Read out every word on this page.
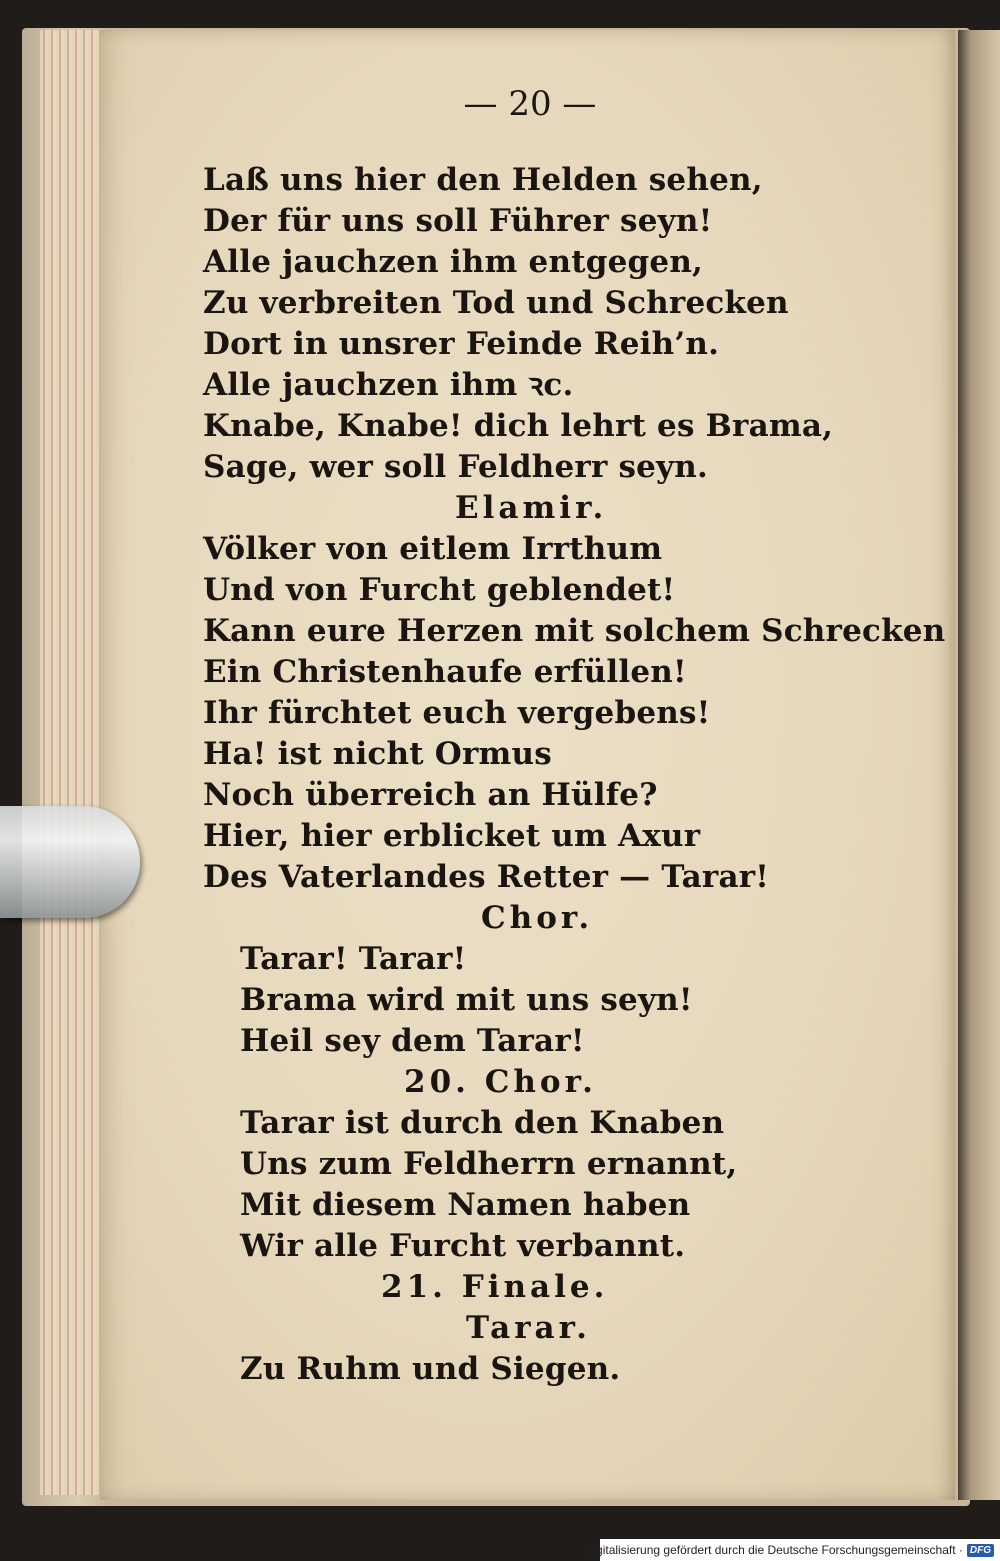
— 20 —
Laß uns hier den Helden sehen,
Der für uns soll Führer seyn!
Alle jauchzen ihm entgegen,
Zu verbreiten Tod und Schrecken
Dort in unsrer Feinde Reih’n.
Alle jauchzen ihm ꝛc.
Knabe, Knabe! dich lehrt es Brama,
Sage, wer soll Feldherr seyn.
Elamir.
Völker von eitlem Irrthum
Und von Furcht geblendet!
Kann eure Herzen mit solchem Schrecken
Ein Christenhaufe erfüllen!
Ihr fürchtet euch vergebens!
Ha! ist nicht Ormus
Noch überreich an Hülfe?
Hier, hier erblicket um Axur
Des Vaterlandes Retter — Tarar!
Chor.
Tarar! Tarar!
Brama wird mit uns seyn!
Heil sey dem Tarar!
20. Chor.
Tarar ist durch den Knaben
Uns zum Feldherrn ernannt,
Mit diesem Namen haben
Wir alle Furcht verbannt.
21. Finale.
Tarar.
Zu Ruhm und Siegen.
Digitalisierung gefördert durch die Deutsche Forschungsgemeinschaft · DFG
